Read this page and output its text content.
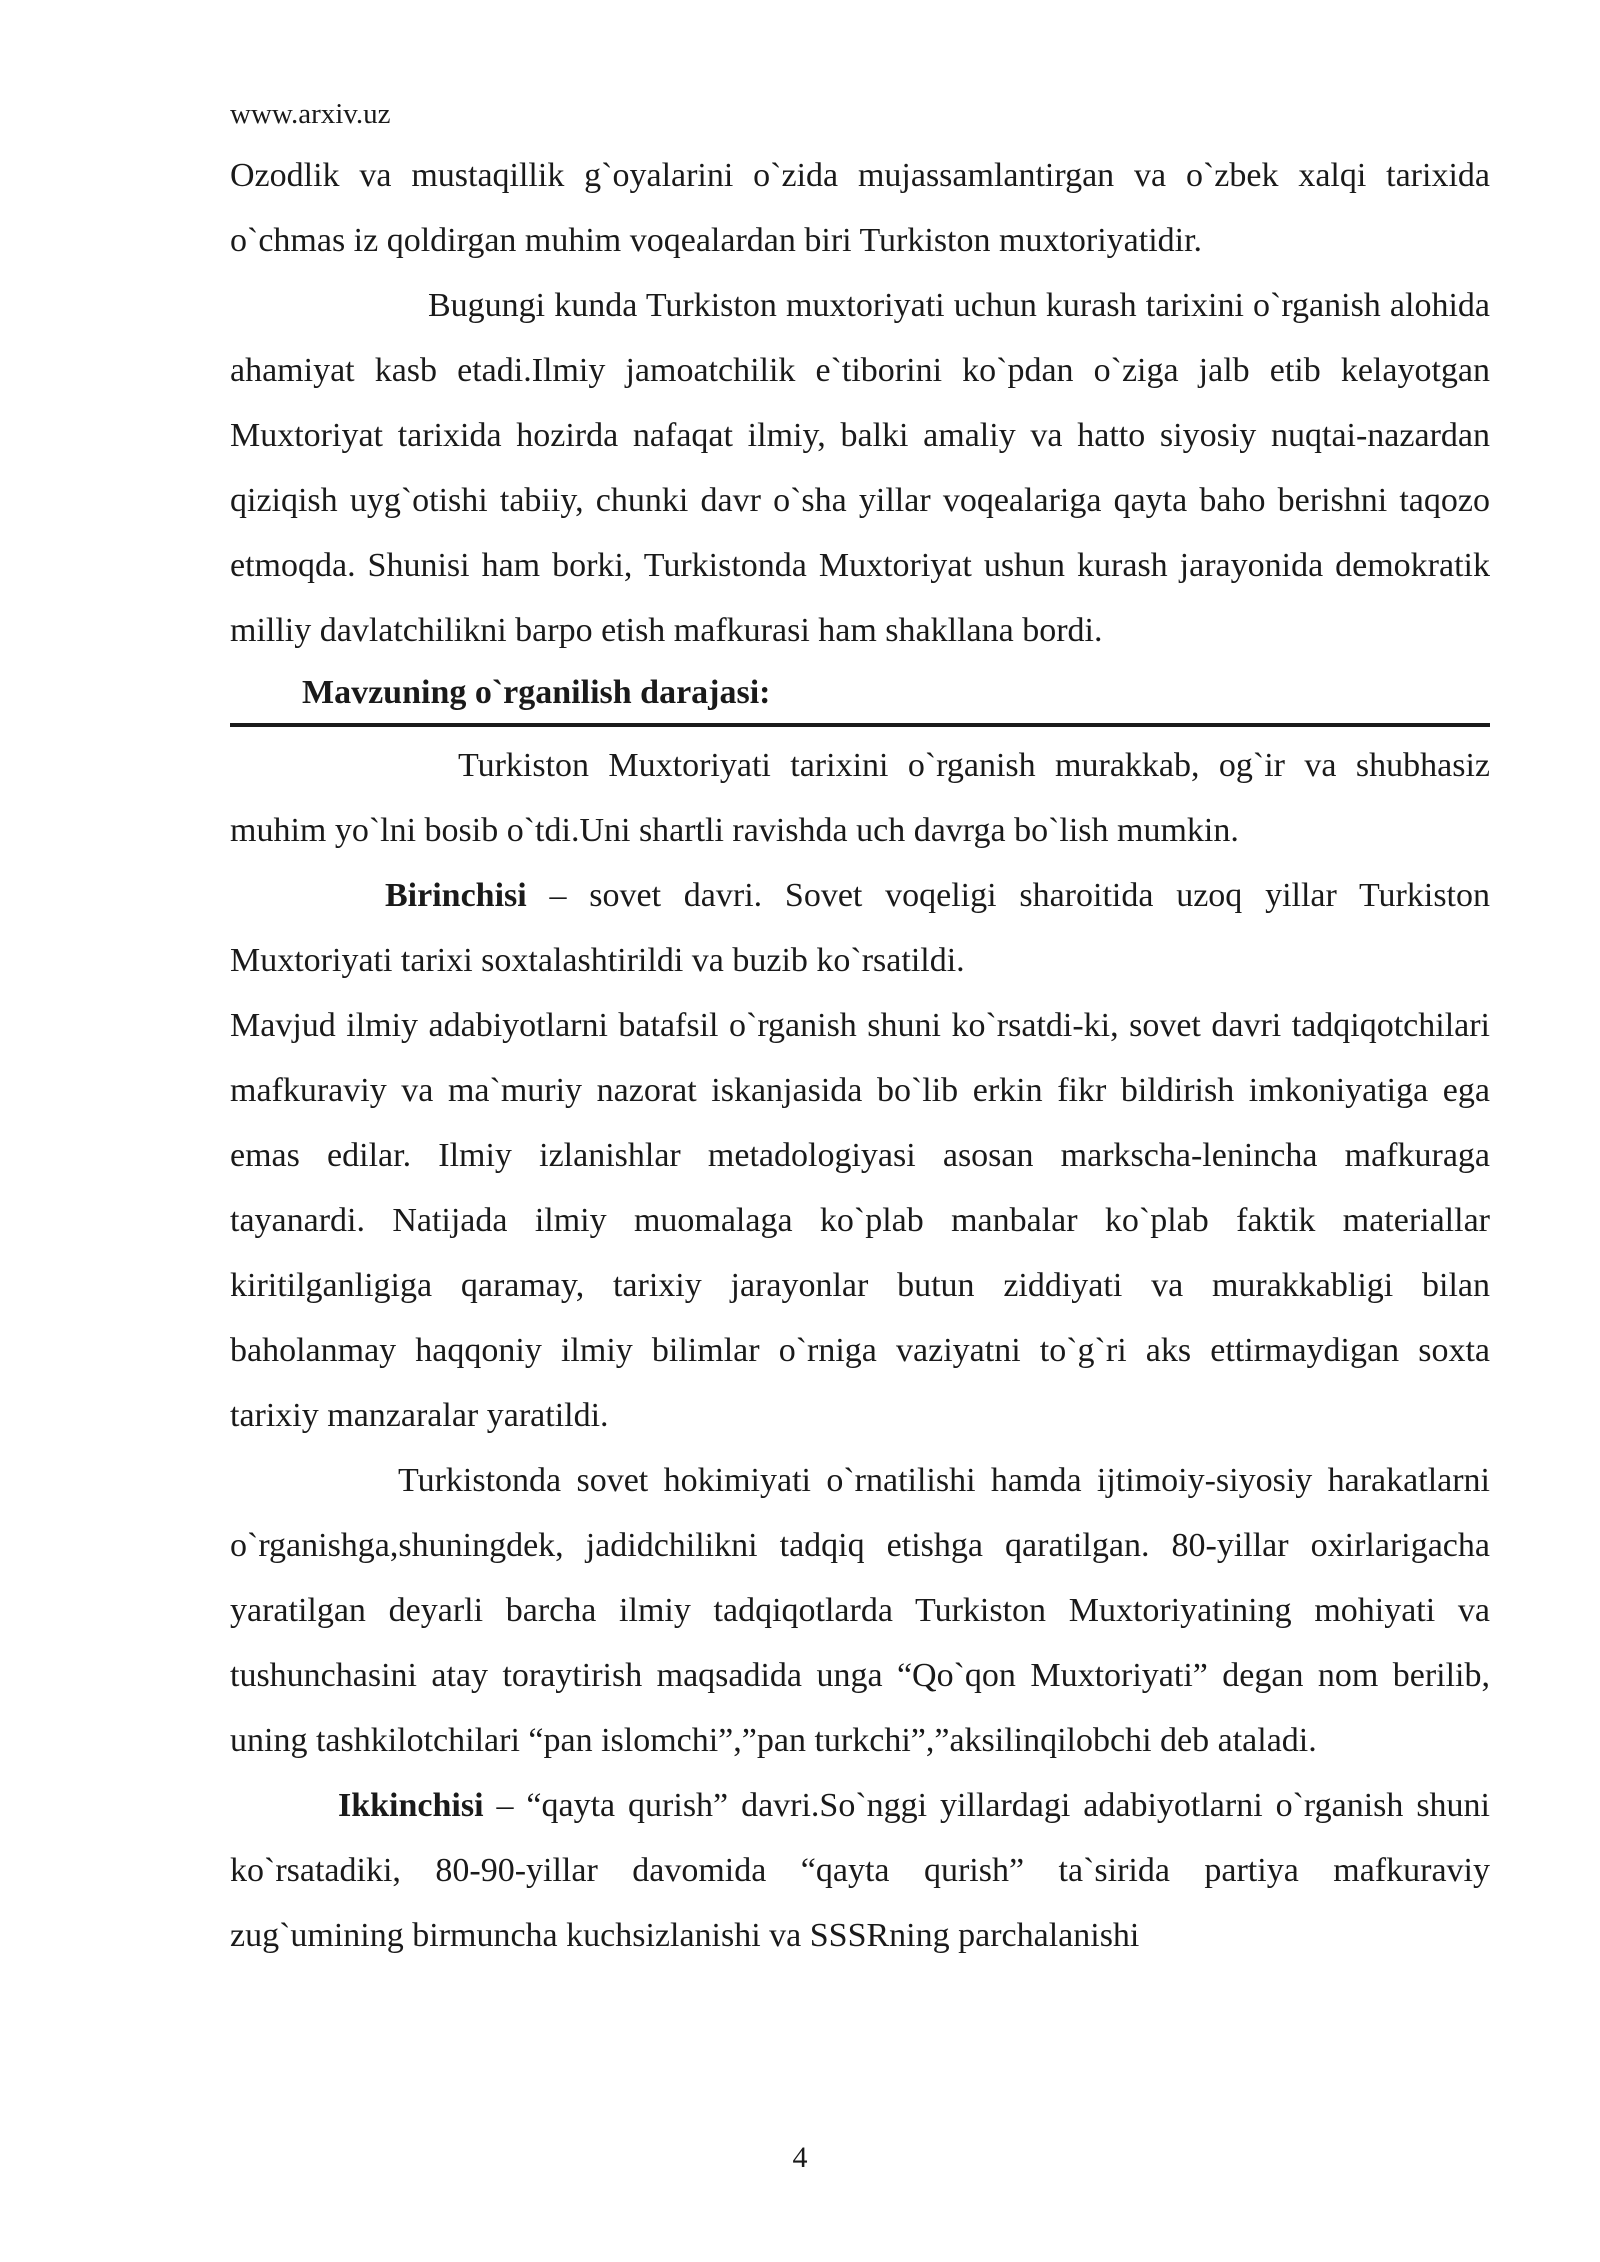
www.arxiv.uz

Ozodlik va mustaqillik g`oyalarini o`zida mujassamlantirgan va o`zbek xalqi tarixida o`chmas iz qoldirgan muhim voqealardan biri Turkiston muxtoriyatidir.

Bugungi kunda Turkiston muxtoriyati uchun kurash tarixini o`rganish alohida ahamiyat kasb etadi.Ilmiy jamoatchilik e`tiborini ko`pdan o`ziga jalb etib kelayotgan Muxtoriyat tarixida hozirda nafaqat ilmiy, balki amaliy va hatto siyosiy nuqtai-nazardan qiziqish uyg`otishi tabiiy, chunki davr o`sha yillar voqealariga qayta baho berishni taqozo etmoqda. Shunisi ham borki, Turkistonda Muxtoriyat ushun kurash jarayonida demokratik milliy davlatchilikni barpo etish mafkurasi ham shakllana bordi.

Mavzuning o`rganilish darajasi:

Turkiston Muxtoriyati tarixini o`rganish murakkab, og`ir va shubhasiz muhim yo`lni bosib o`tdi.Uni shartli ravishda uch davrga bo`lish mumkin.

Birinchisi – sovet davri. Sovet voqeligi sharoitida uzoq yillar Turkiston Muxtoriyati tarixi soxtalashtirildi va buzib ko`rsatildi.

Mavjud ilmiy adabiyotlarni batafsil o`rganish shuni ko`rsatdi-ki, sovet davri tadqiqotchilari mafkuraviy va ma`muriy nazorat iskanjasida bo`lib erkin fikr bildirish imkoniyatiga ega emas edilar. Ilmiy izlanishlar metadologiyasi asosan markscha-lenincha mafkuraga tayanardi. Natijada ilmiy muomalaga ko`plab manbalar ko`plab faktik materiallar kiritilganligiga qaramay, tarixiy jarayonlar butun ziddiyati va murakkabligi bilan baholanmay haqqoniy ilmiy bilimlar o`rniga vaziyatni to`g`ri aks ettirmaydigan soxta tarixiy manzaralar yaratildi.

Turkistonda sovet hokimiyati o`rnatilishi hamda ijtimoiy-siyosiy harakatlarni o`rganishga,shuningdek, jadidchilikni tadqiq etishga qaratilgan. 80-yillar oxirlarigacha yaratilgan deyarli barcha ilmiy tadqiqotlarda Turkiston Muxtoriyatining mohiyati va tushunchasini atay toraytirish maqsadida unga “Qo`qon Muxtoriyati” degan nom berilib, uning tashkilotchilari “pan islomchi”,”pan turkchi”,”aksilinqilobchi deb ataladi.

Ikkinchisi – “qayta qurish” davri.So`nggi yillardagi adabiyotlarni o`rganish shuni ko`rsatadiki, 80-90-yillar davomida “qayta qurish” ta`sirida partiya mafkuraviy zug`umining birmuncha kuchsizlanishi va SSSRning parchalanishi

4
